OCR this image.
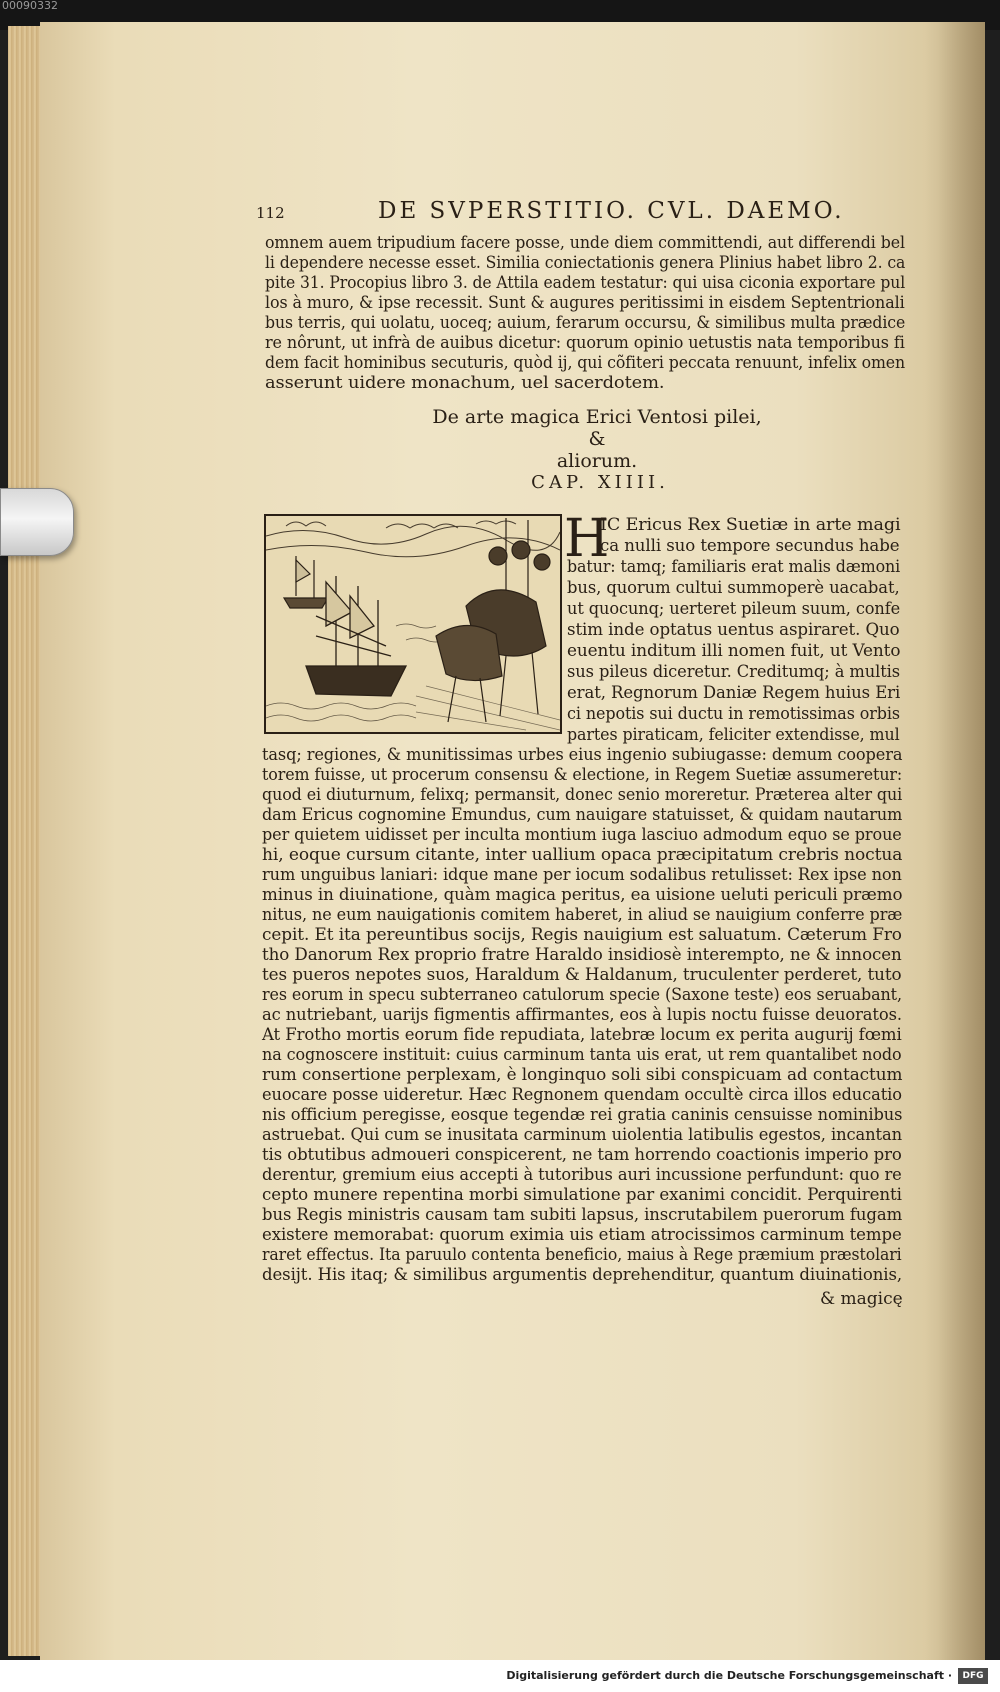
00090332
112	DE SVPERSTITIO. CVL. DAEMO.
omnem auem tripudium facere posse, unde diem committendi, aut differendi bel
li dependere necesse esset. Similia coniectationis genera Plinius habet libro 2. ca
pite 31. Procopius libro 3. de Attila eadem testatur: qui uisa ciconia exportare pul
los à muro, & ipse recessit. Sunt & augures peritissimi in eisdem Septentrionali
bus terris, qui uolatu, uoceq; auium, ferarum occursu, & similibus multa prædice
re nôrunt, ut infrà de auibus dicetur: quorum opinio uetustis nata temporibus fi
dem facit hominibus secuturis, quòd ij, qui cõfiteri peccata renuunt, infelix omen
asserunt uidere monachum, uel sacerdotem.
De arte magica Erici Ventosi pilei, &
aliorum.
CAP. XIIII.
H
IC Ericus Rex Suetiæ in arte magi
ca nulli suo tempore secundus habe
batur: tamq; familiaris erat malis dæmoni
bus, quorum cultui summoperè uacabat,
ut quocunq; uerteret pileum suum, confe
stim inde optatus uentus aspiraret. Quo
euentu inditum illi nomen fuit, ut Vento
sus pileus diceretur. Creditumq; à multis
erat, Regnorum Daniæ Regem huius Eri
ci nepotis sui ductu in remotissimas orbis
partes piraticam, feliciter extendisse, mul
tasq; regiones, & munitissimas urbes eius ingenio subiugasse: demum coopera
torem fuisse, ut procerum consensu & electione, in Regem Suetiæ assumeretur:
quod ei diuturnum, felixq; permansit, donec senio moreretur. Præterea alter qui
dam Ericus cognomine Emundus, cum nauigare statuisset, & quidam nautarum
per quietem uidisset per inculta montium iuga lasciuo admodum equo se proue
hi, eoque cursum citante, inter uallium opaca præcipitatum crebris noctua
rum unguibus laniari: idque mane per iocum sodalibus retulisset: Rex ipse non
minus in diuinatione, quàm magica peritus, ea uisione ueluti periculi præmo
nitus, ne eum nauigationis comitem haberet, in aliud se nauigium conferre præ
cepit. Et ita pereuntibus socijs, Regis nauigium est saluatum. Cæterum Fro
tho Danorum Rex proprio fratre Haraldo insidiosè interempto, ne & innocen
tes pueros nepotes suos, Haraldum & Haldanum, truculenter perderet, tuto
res eorum in specu subterraneo catulorum specie (Saxone teste) eos seruabant,
ac nutriebant, uarijs figmentis affirmantes, eos à lupis noctu fuisse deuoratos.
At Frotho mortis eorum fide repudiata, latebræ locum ex perita augurij fœmi
na cognoscere instituit: cuius carminum tanta uis erat, ut rem quantalibet nodo
rum consertione perplexam, è longinquo soli sibi conspicuam ad contactum
euocare posse uideretur. Hæc Regnonem quendam occultè circa illos educatio
nis officium peregisse, eosque tegendæ rei gratia caninis censuisse nominibus
astruebat. Qui cum se inusitata carminum uiolentia latibulis egestos, incantan
tis obtutibus admoueri conspicerent, ne tam horrendo coactionis imperio pro
derentur, gremium eius accepti à tutoribus auri incussione perfundunt: quo re
cepto munere repentina morbi simulatione par exanimi concidit. Perquirenti
bus Regis ministris causam tam subiti lapsus, inscrutabilem puerorum fugam
existere memorabat: quorum eximia uis etiam atrocissimos carminum tempe
raret effectus. Ita paruulo contenta beneficio, maius à Rege præmium præstolari
desijt. His itaq; & similibus argumentis deprehenditur, quantum diuinationis,
& magicę
Digitalisierung gefördert durch die Deutsche Forschungsgemeinschaft ·	DFG
